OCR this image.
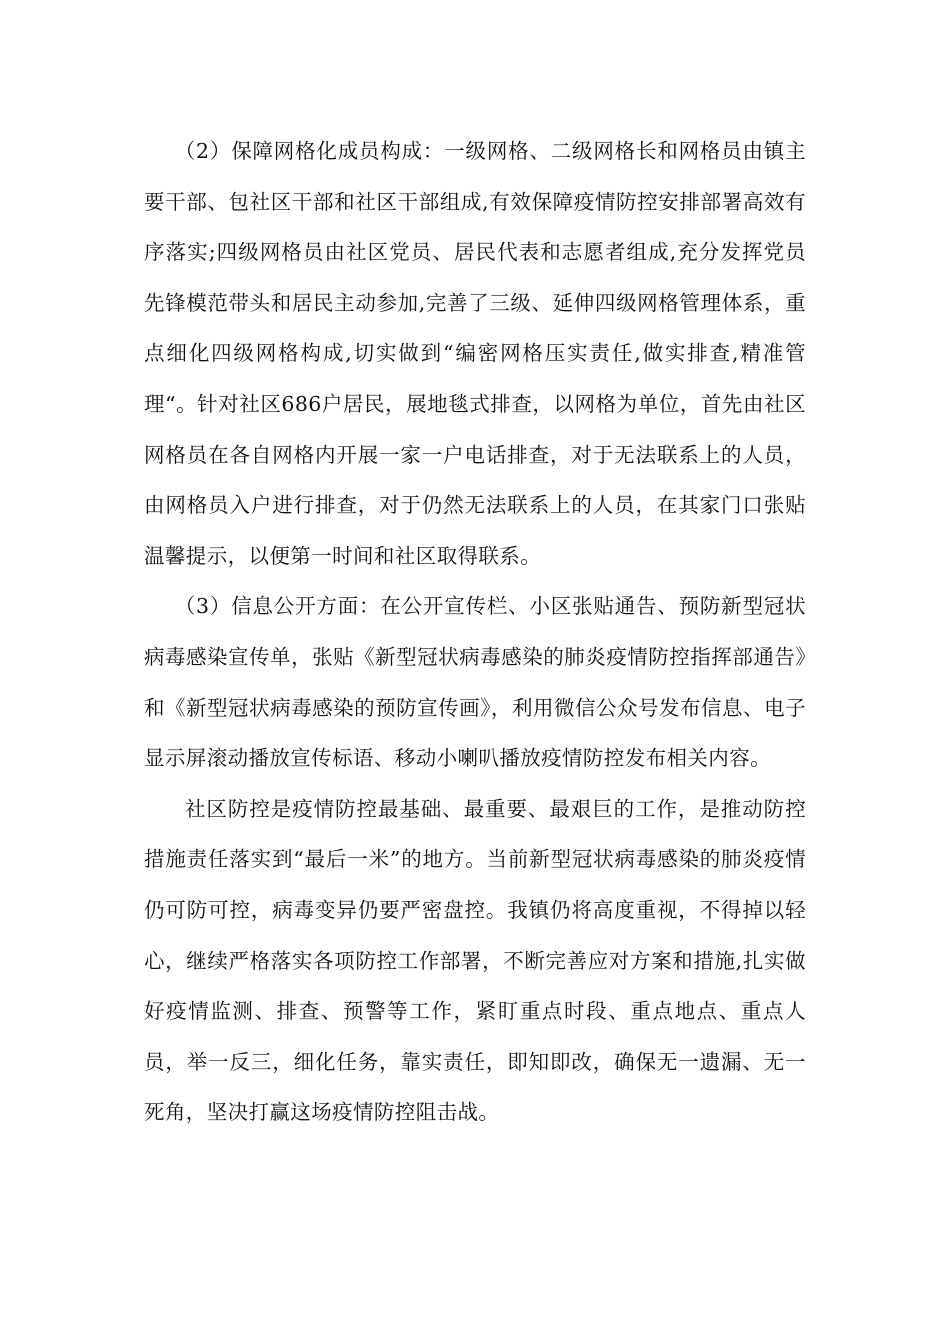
（2）保障网格化成员构成：一级网格、二级网格长和网格员由镇主要干部、包社区干部和社区干部组成,有效保障疫情防控安排部署高效有序落实;四级网格员由社区党员、居民代表和志愿者组成,充分发挥党员先锋模范带头和居民主动参加,完善了三级、延伸四级网格管理体系，重点细化四级网格构成,切实做到“编密网格压实责任,做实排查,精准管理“。针对社区686户居民，展地毯式排查，以网格为单位，首先由社区网格员在各自网格内开展一家一户电话排查，对于无法联系上的人员，由网格员入户进行排查，对于仍然无法联系上的人员，在其家门口张贴温馨提示，以便第一时间和社区取得联系。

（3）信息公开方面：在公开宣传栏、小区张贴通告、预防新型冠状病毒感染宣传单，张贴《新型冠状病毒感染的肺炎疫情防控指挥部通告》和《新型冠状病毒感染的预防宣传画》，利用微信公众号发布信息、电子显示屏滚动播放宣传标语、移动小喇叭播放疫情防控发布相关内容。

社区防控是疫情防控最基础、最重要、最艰巨的工作，是推动防控措施责任落实到“最后一米”的地方。当前新型冠状病毒感染的肺炎疫情仍可防可控，病毒变异仍要严密盘控。我镇仍将高度重视，不得掉以轻心，继续严格落实各项防控工作部署，不断完善应对方案和措施,扎实做好疫情监测、排查、预警等工作，紧盯重点时段、重点地点、重点人员，举一反三，细化任务，靠实责任，即知即改，确保无一遗漏、无一死角，坚决打赢这场疫情防控阻击战。
